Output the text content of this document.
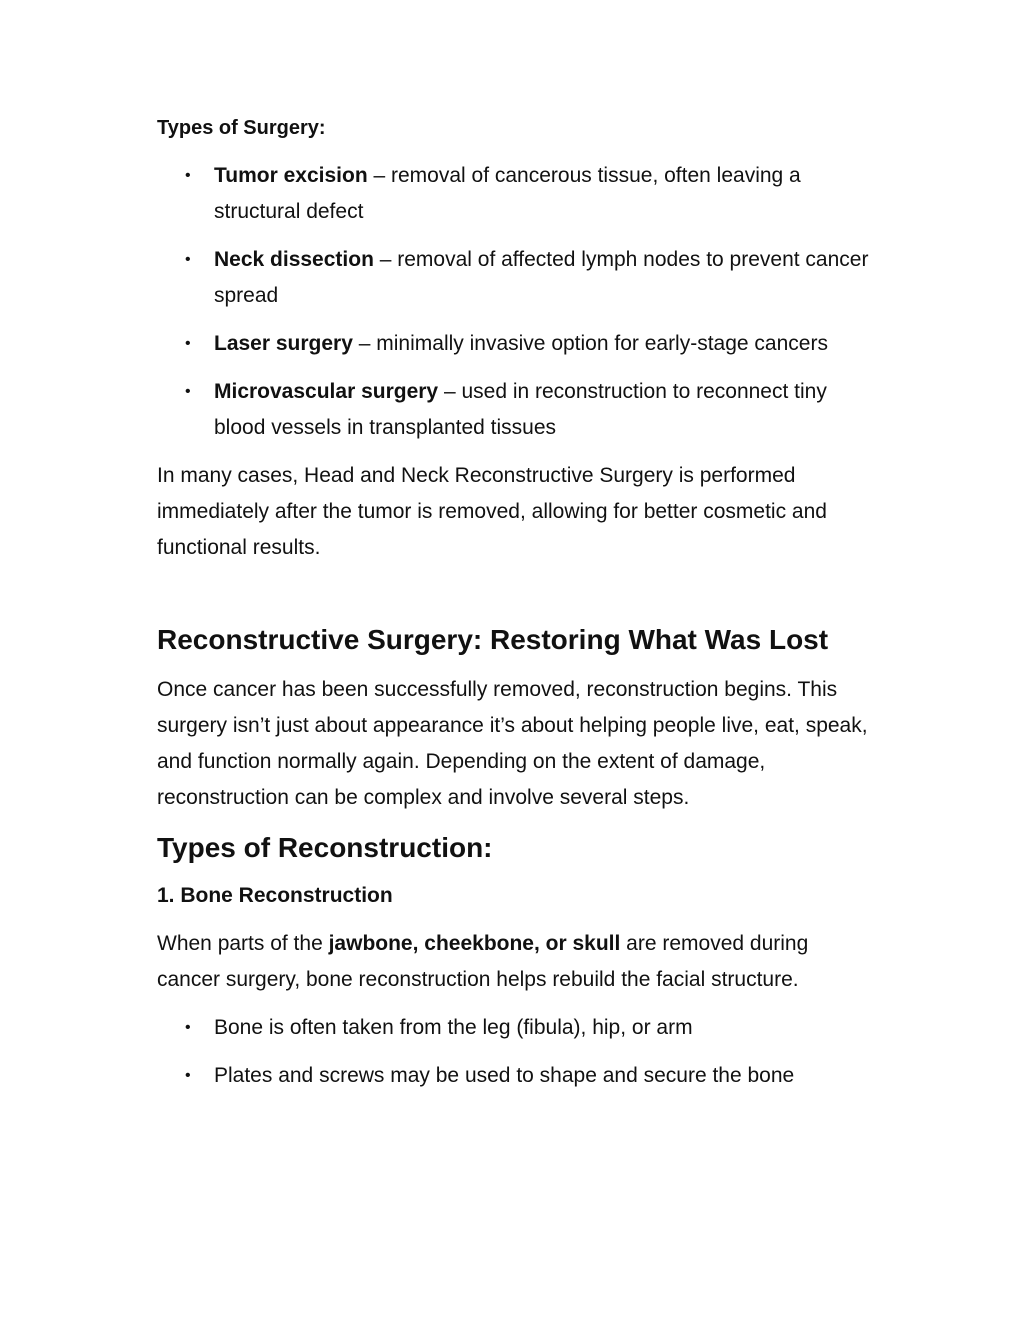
Types of Surgery:
• Tumor excision – removal of cancerous tissue, often leaving a structural defect
• Neck dissection – removal of affected lymph nodes to prevent cancer spread
• Laser surgery – minimally invasive option for early-stage cancers
• Microvascular surgery – used in reconstruction to reconnect tiny blood vessels in transplanted tissues

In many cases, Head and Neck Reconstructive Surgery is performed immediately after the tumor is removed, allowing for better cosmetic and functional results.

Reconstructive Surgery: Restoring What Was Lost

Once cancer has been successfully removed, reconstruction begins. This surgery isn’t just about appearance it’s about helping people live, eat, speak, and function normally again. Depending on the extent of damage, reconstruction can be complex and involve several steps.

Types of Reconstruction:
1. Bone Reconstruction

When parts of the jawbone, cheekbone, or skull are removed during cancer surgery, bone reconstruction helps rebuild the facial structure.

• Bone is often taken from the leg (fibula), hip, or arm
• Plates and screws may be used to shape and secure the bone
